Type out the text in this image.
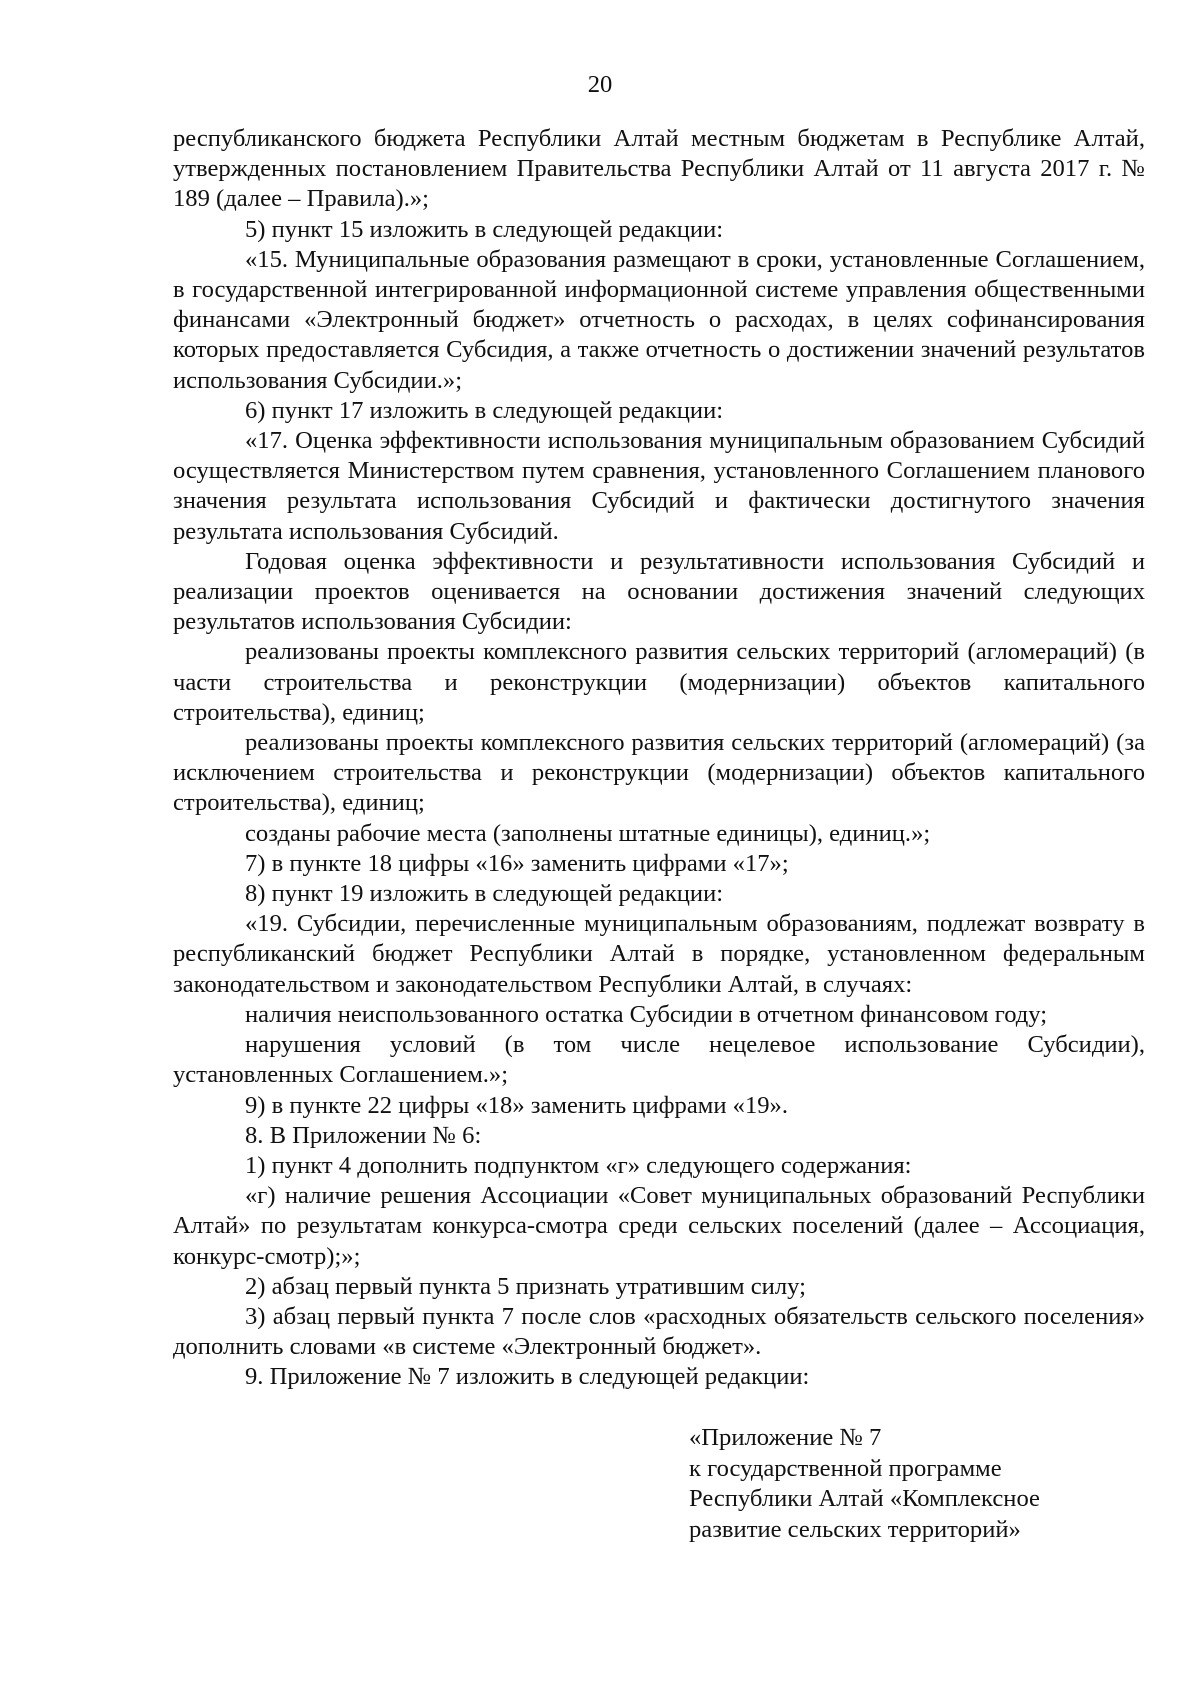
20

республиканского бюджета Республики Алтай местным бюджетам в Республике Алтай, утвержденных постановлением Правительства Республики Алтай от 11 августа 2017 г. № 189 (далее – Правила).»;

5) пункт 15 изложить в следующей редакции:

«15. Муниципальные образования размещают в сроки, установленные Соглашением, в государственной интегрированной информационной системе управления общественными финансами «Электронный бюджет» отчетность о расходах, в целях софинансирования которых предоставляется Субсидия, а также отчетность о достижении значений результатов использования Субсидии.»;

6) пункт 17 изложить в следующей редакции:

«17. Оценка эффективности использования муниципальным образованием Субсидий осуществляется Министерством путем сравнения, установленного Соглашением планового значения результата использования Субсидий и фактически достигнутого значения результата использования Субсидий.

Годовая оценка эффективности и результативности использования Субсидий и реализации проектов оценивается на основании достижения значений следующих результатов использования Субсидии:

реализованы проекты комплексного развития сельских территорий (агломераций) (в части строительства и реконструкции (модернизации) объектов капитального строительства), единиц;

реализованы проекты комплексного развития сельских территорий (агломераций) (за исключением строительства и реконструкции (модернизации) объектов капитального строительства), единиц;

созданы рабочие места (заполнены штатные единицы), единиц.»;

7) в пункте 18 цифры «16» заменить цифрами «17»;

8) пункт 19 изложить в следующей редакции:

«19. Субсидии, перечисленные муниципальным образованиям, подлежат возврату в республиканский бюджет Республики Алтай в порядке, установленном федеральным законодательством и законодательством Республики Алтай, в случаях:

наличия неиспользованного остатка Субсидии в отчетном финансовом году;

нарушения условий (в том числе нецелевое использование Субсидии), установленных Соглашением.»;

9) в пункте 22 цифры «18» заменить цифрами «19».

8. В Приложении № 6:

1) пункт 4 дополнить подпунктом «г» следующего содержания:

«г) наличие решения Ассоциации «Совет муниципальных образований Республики Алтай» по результатам конкурса-смотра среди сельских поселений (далее – Ассоциация, конкурс-смотр);»;

2) абзац первый пункта 5 признать утратившим силу;

3) абзац первый пункта 7 после слов «расходных обязательств сельского поселения» дополнить словами «в системе «Электронный бюджет».

9. Приложение № 7 изложить в следующей редакции:

«Приложение № 7
к государственной программе
Республики Алтай «Комплексное
развитие сельских территорий»
